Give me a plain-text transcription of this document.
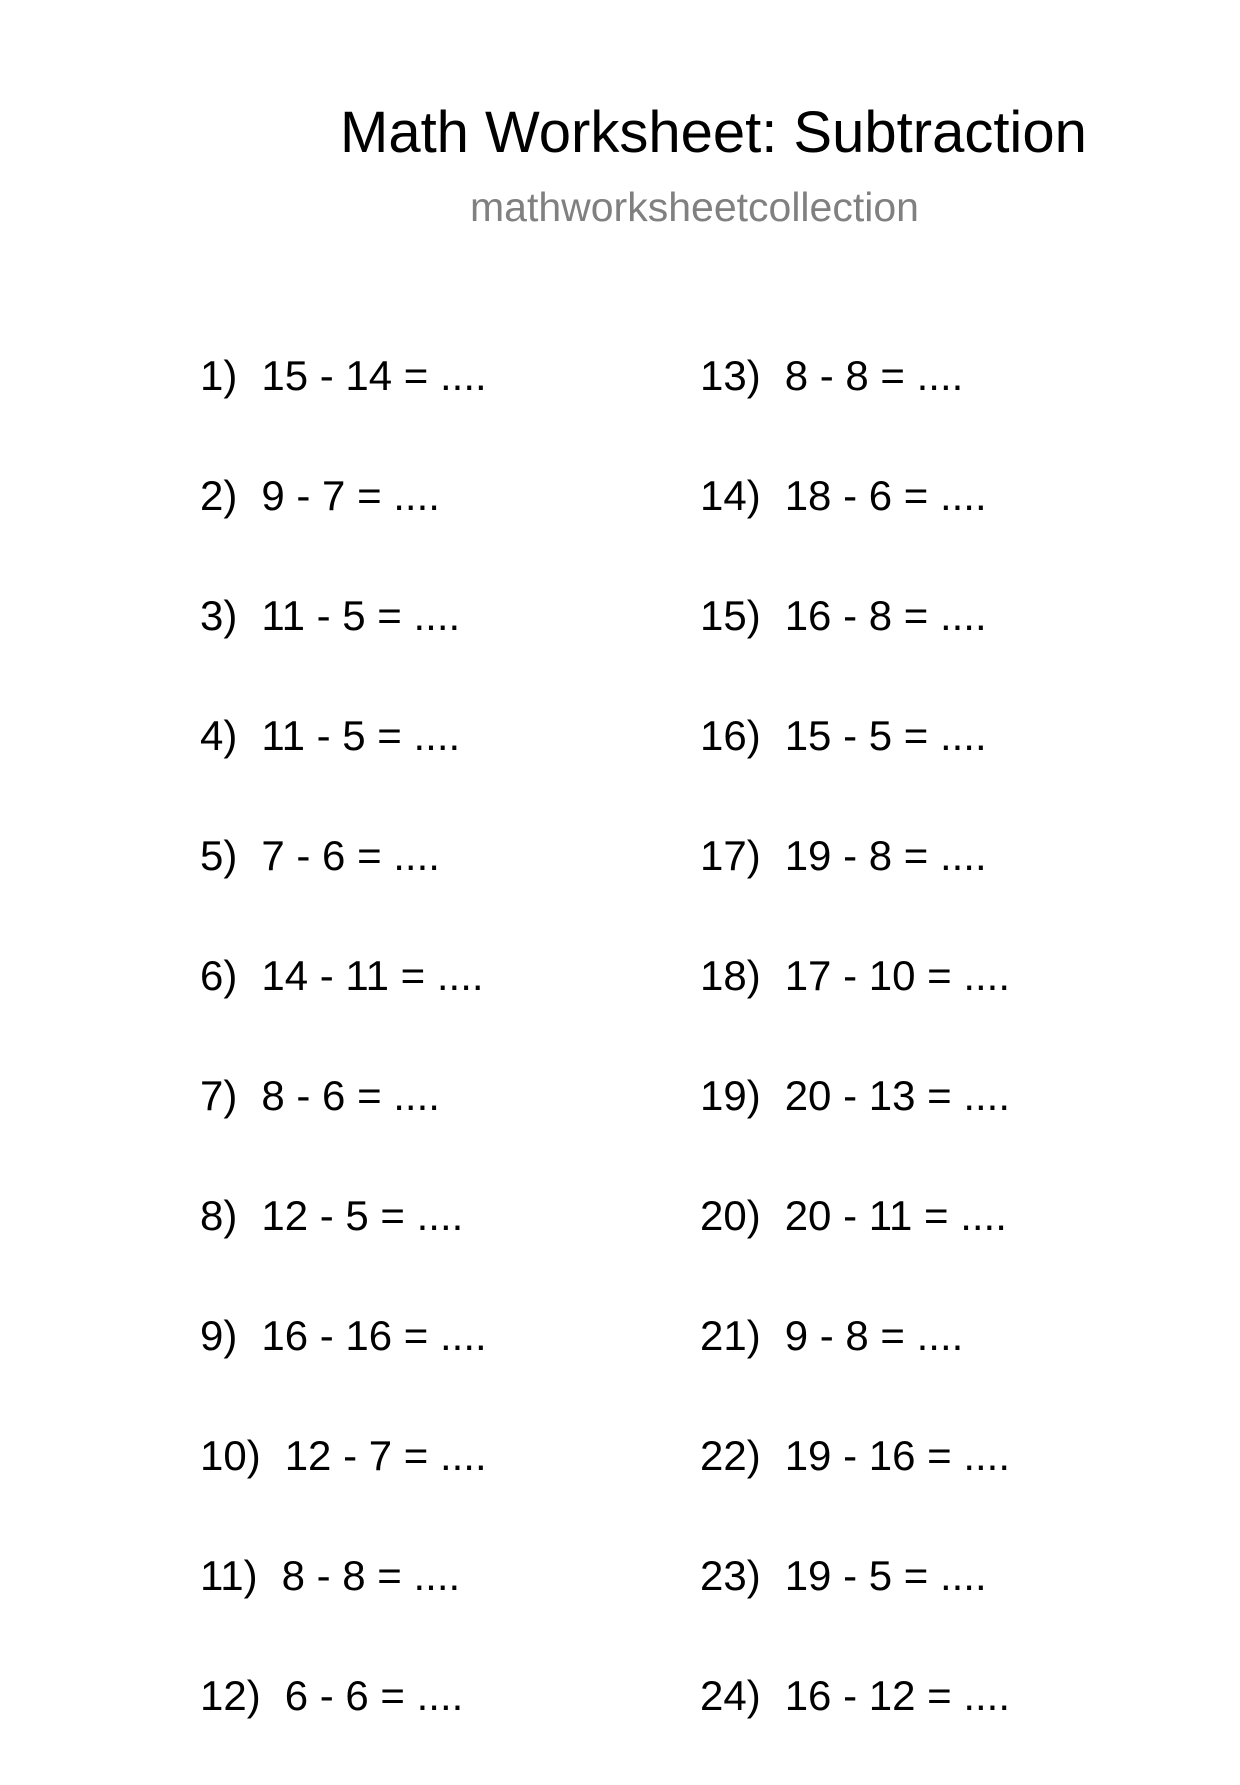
Math Worksheet: Subtraction
mathworksheetcollection
1) 15 - 14 = ....
2) 9 - 7 = ....
3) 11 - 5 = ....
4) 11 - 5 = ....
5) 7 - 6 = ....
6) 14 - 11 = ....
7) 8 - 6 = ....
8) 12 - 5 = ....
9) 16 - 16 = ....
10) 12 - 7 = ....
11) 8 - 8 = ....
12) 6 - 6 = ....
13) 8 - 8 = ....
14) 18 - 6 = ....
15) 16 - 8 = ....
16) 15 - 5 = ....
17) 19 - 8 = ....
18) 17 - 10 = ....
19) 20 - 13 = ....
20) 20 - 11 = ....
21) 9 - 8 = ....
22) 19 - 16 = ....
23) 19 - 5 = ....
24) 16 - 12 = ....
